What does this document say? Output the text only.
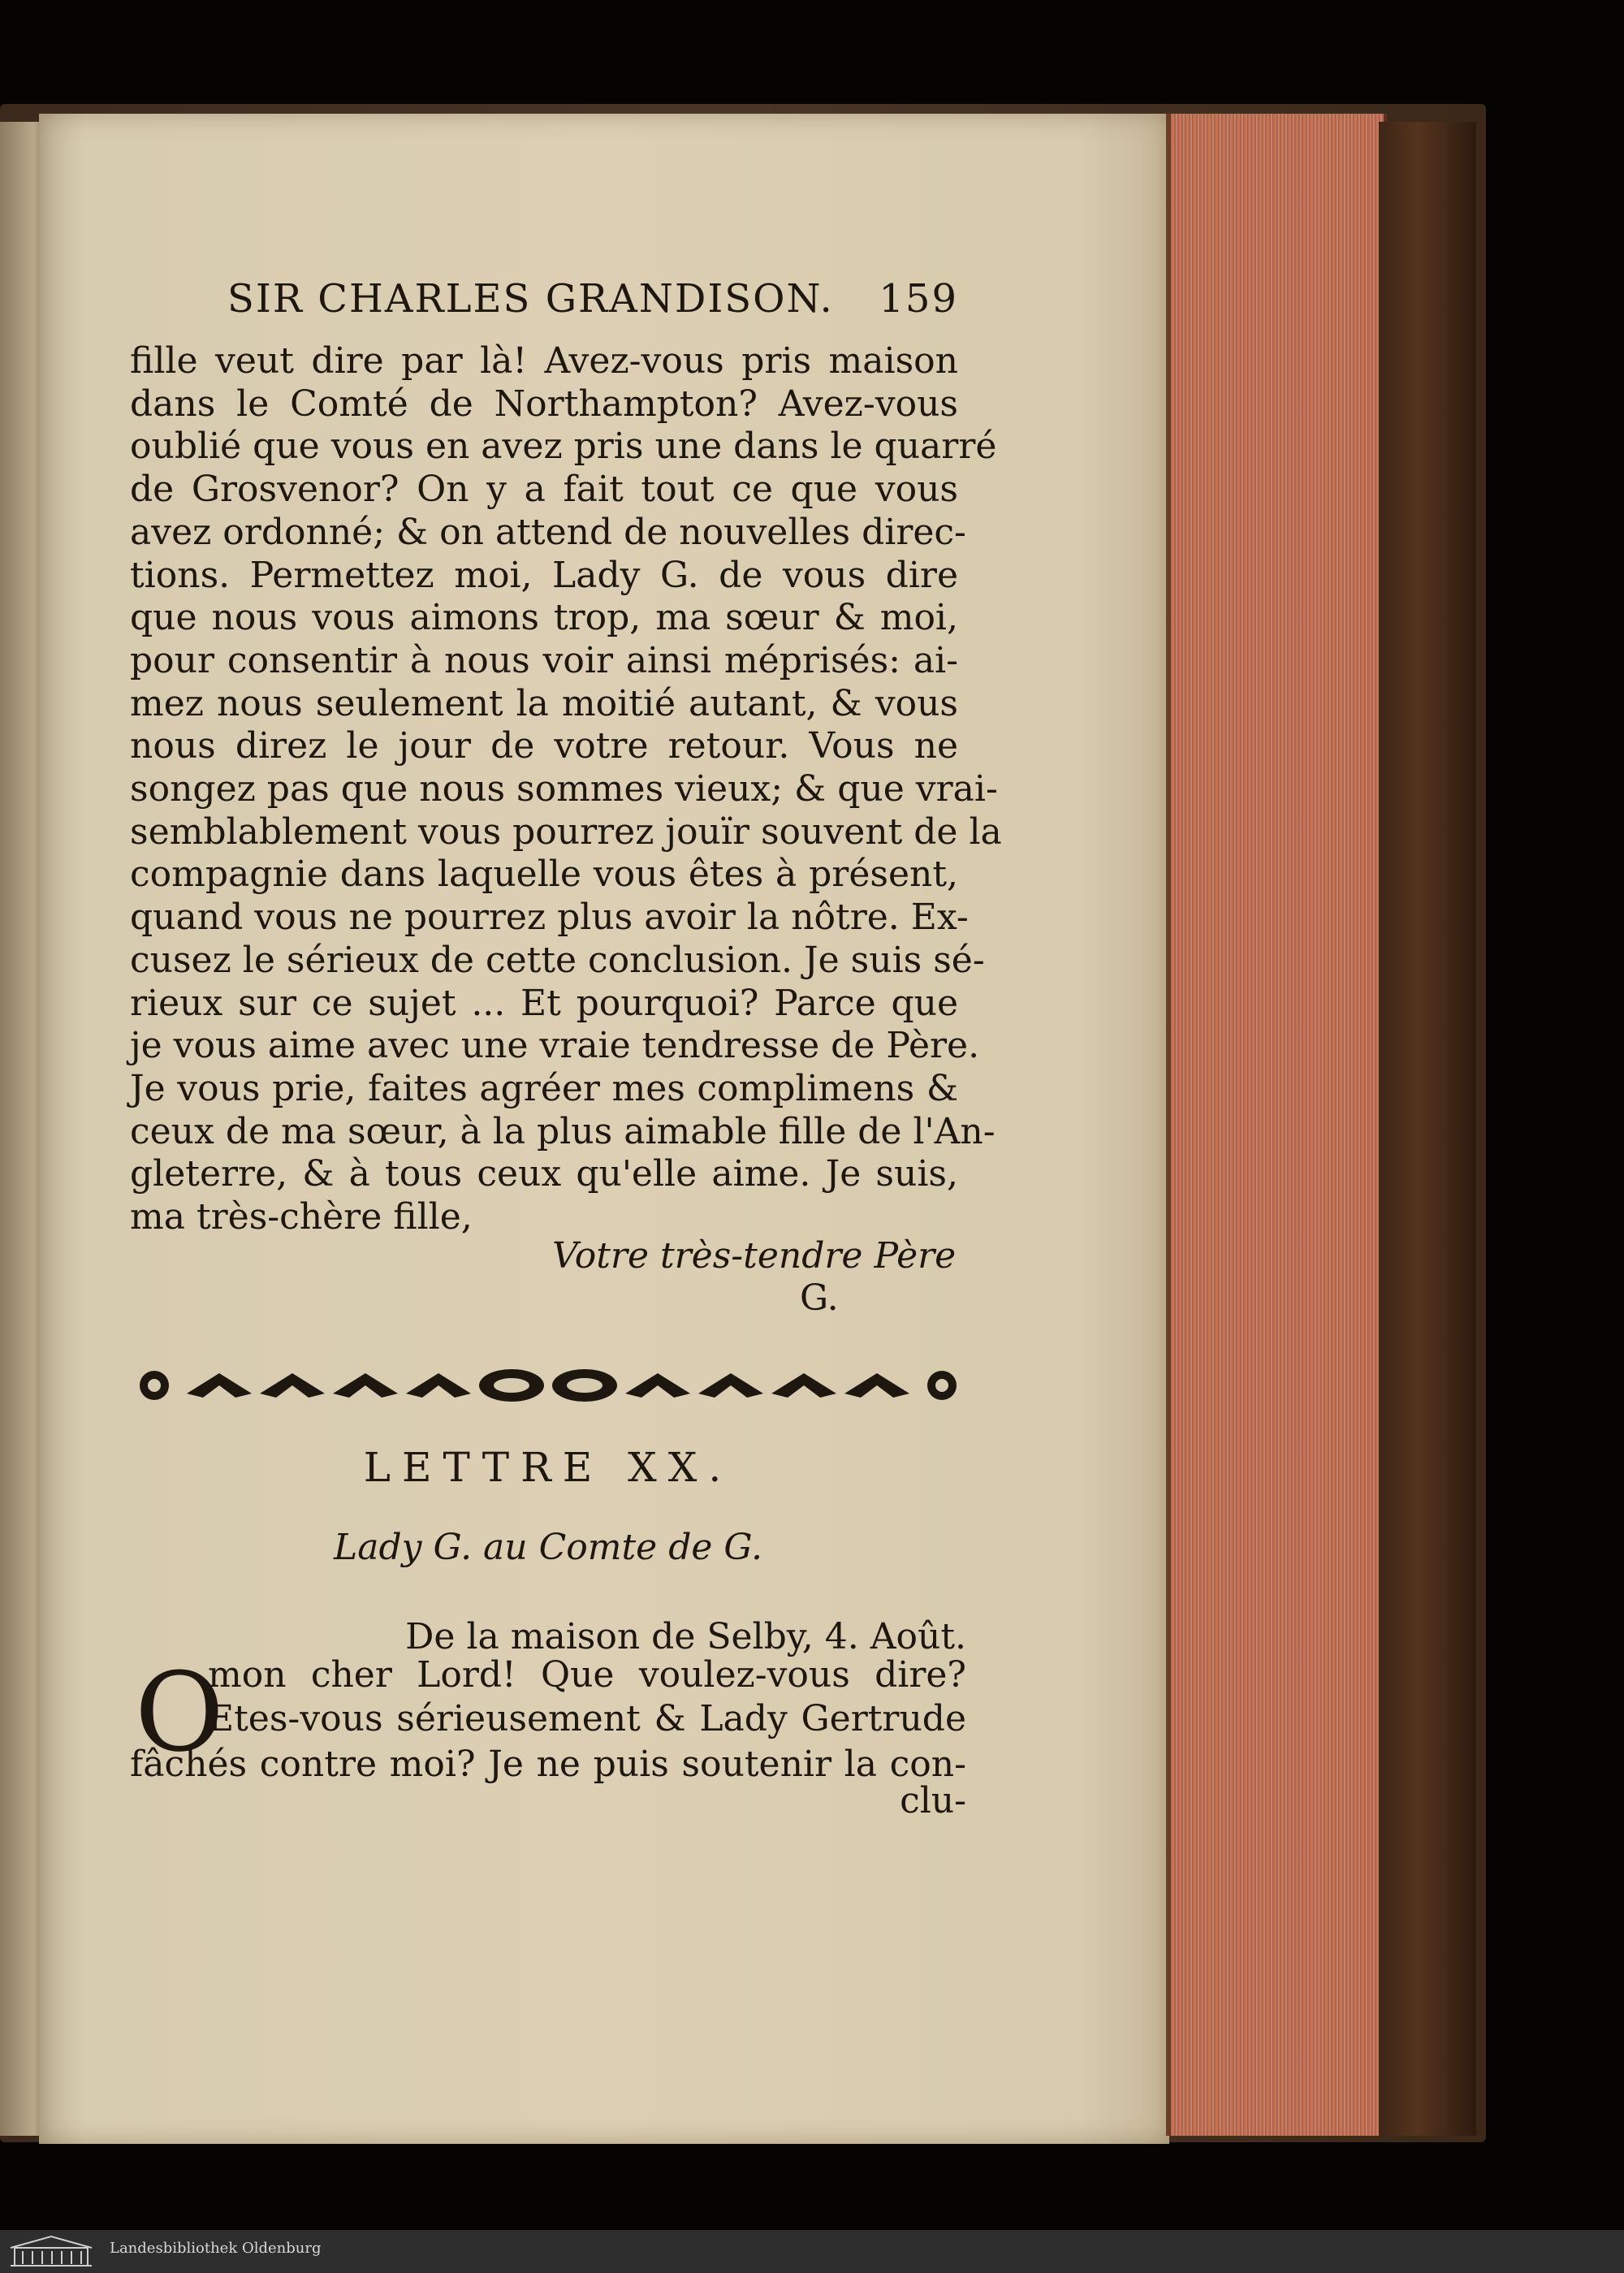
SIR CHARLES GRANDISON. 159
fille veut dire par là! Avez-vous pris maison
dans le Comté de Northampton? Avez-vous
oublié que vous en avez pris une dans le quarré
de Grosvenor? On y a fait tout ce que vous
avez ordonné; & on attend de nouvelles direc-
tions. Permettez moi, Lady G. de vous dire
que nous vous aimons trop, ma sœur & moi,
pour consentir à nous voir ainsi méprisés: ai-
mez nous seulement la moitié autant, & vous
nous direz le jour de votre retour. Vous ne
songez pas que nous sommes vieux; & que vrai-
semblablement vous pourrez jouïr souvent de la
compagnie dans laquelle vous êtes à présent,
quand vous ne pourrez plus avoir la nôtre. Ex-
cusez le sérieux de cette conclusion. Je suis sé-
rieux sur ce sujet ... Et pourquoi? Parce que
je vous aime avec une vraie tendresse de Père.
Je vous prie, faites agréer mes complimens &
ceux de ma sœur, à la plus aimable fille de l'An-
gleterre, & à tous ceux qu'elle aime. Je suis,
ma très-chère fille,
Votre très-tendre Père
G.
LETTRE XX.
Lady G. au Comte de G.
De la maison de Selby, 4. Août.
O
mon cher Lord! Que voulez-vous dire?
Etes-vous sérieusement & Lady Gertrude
fâchés contre moi? Je ne puis soutenir la con-
clu-
Landesbibliothek Oldenburg
